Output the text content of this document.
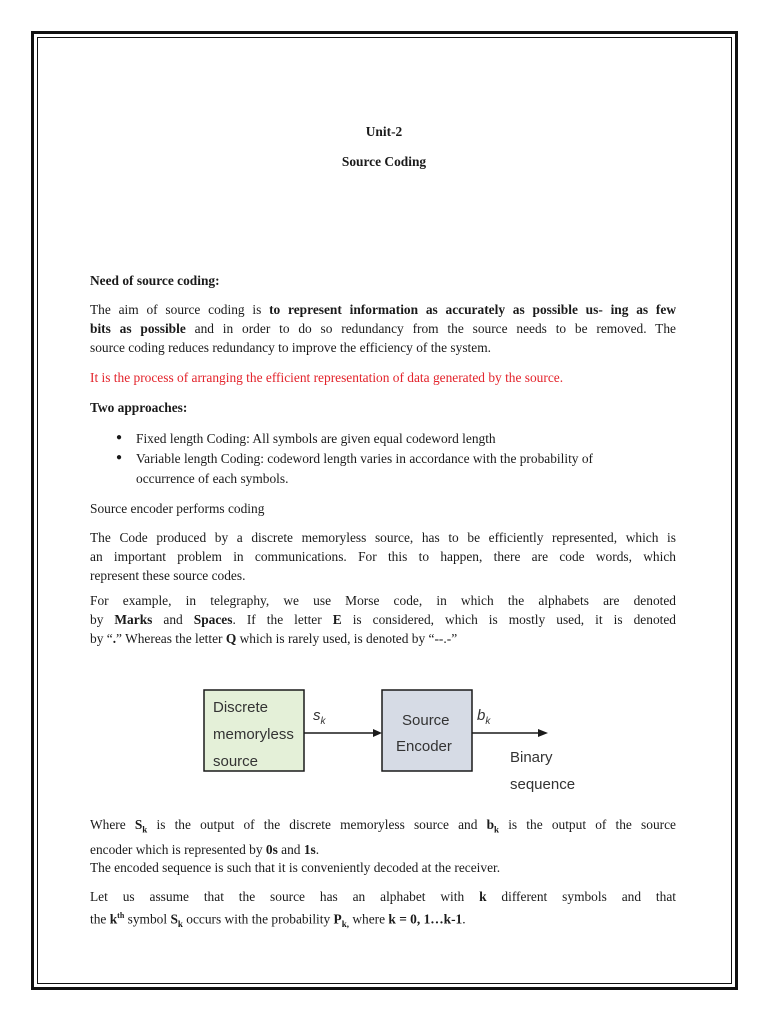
Unit-2
Source Coding
Need of source coding:
The aim of source coding is to represent information as accurately as possible us- ing as few
bits as possible and in order to do so redundancy from the source needs to be removed. The
source coding reduces redundancy to improve the efficiency of the system.
It is the process of arranging the efficient representation of data generated by the source.
Two approaches:
● Fixed length Coding: All symbols are given equal codeword length
● Variable length Coding: codeword length varies in accordance with the probability of
occurrence of each symbols.
Source encoder performs coding
The Code produced by a discrete memoryless source, has to be efficiently represented, which is
an important problem in communications. For this to happen, there are code words, which
represent these source codes.
For example, in telegraphy, we use Morse code, in which the alphabets are denoted
by Marks and Spaces. If the letter E is considered, which is mostly used, it is denoted
by “.” Whereas the letter Q which is rarely used, is denoted by “--.-”
Discrete
memoryless
source
$s_k$	Source
Encoder
$b_k$
Binary
sequence
Where $S_k$ is the output of the discrete memoryless source and $b_k$ is the output of the source
encoder which is represented by 0s and 1s.
The encoded sequence is such that it is conveniently decoded at the receiver.
Let us assume that the source has an alphabet with k different symbols and that
the $k^{th}$ symbol $S_k$ occurs with the probability $P_{k,}$ where k = 0, 1…k-1.
